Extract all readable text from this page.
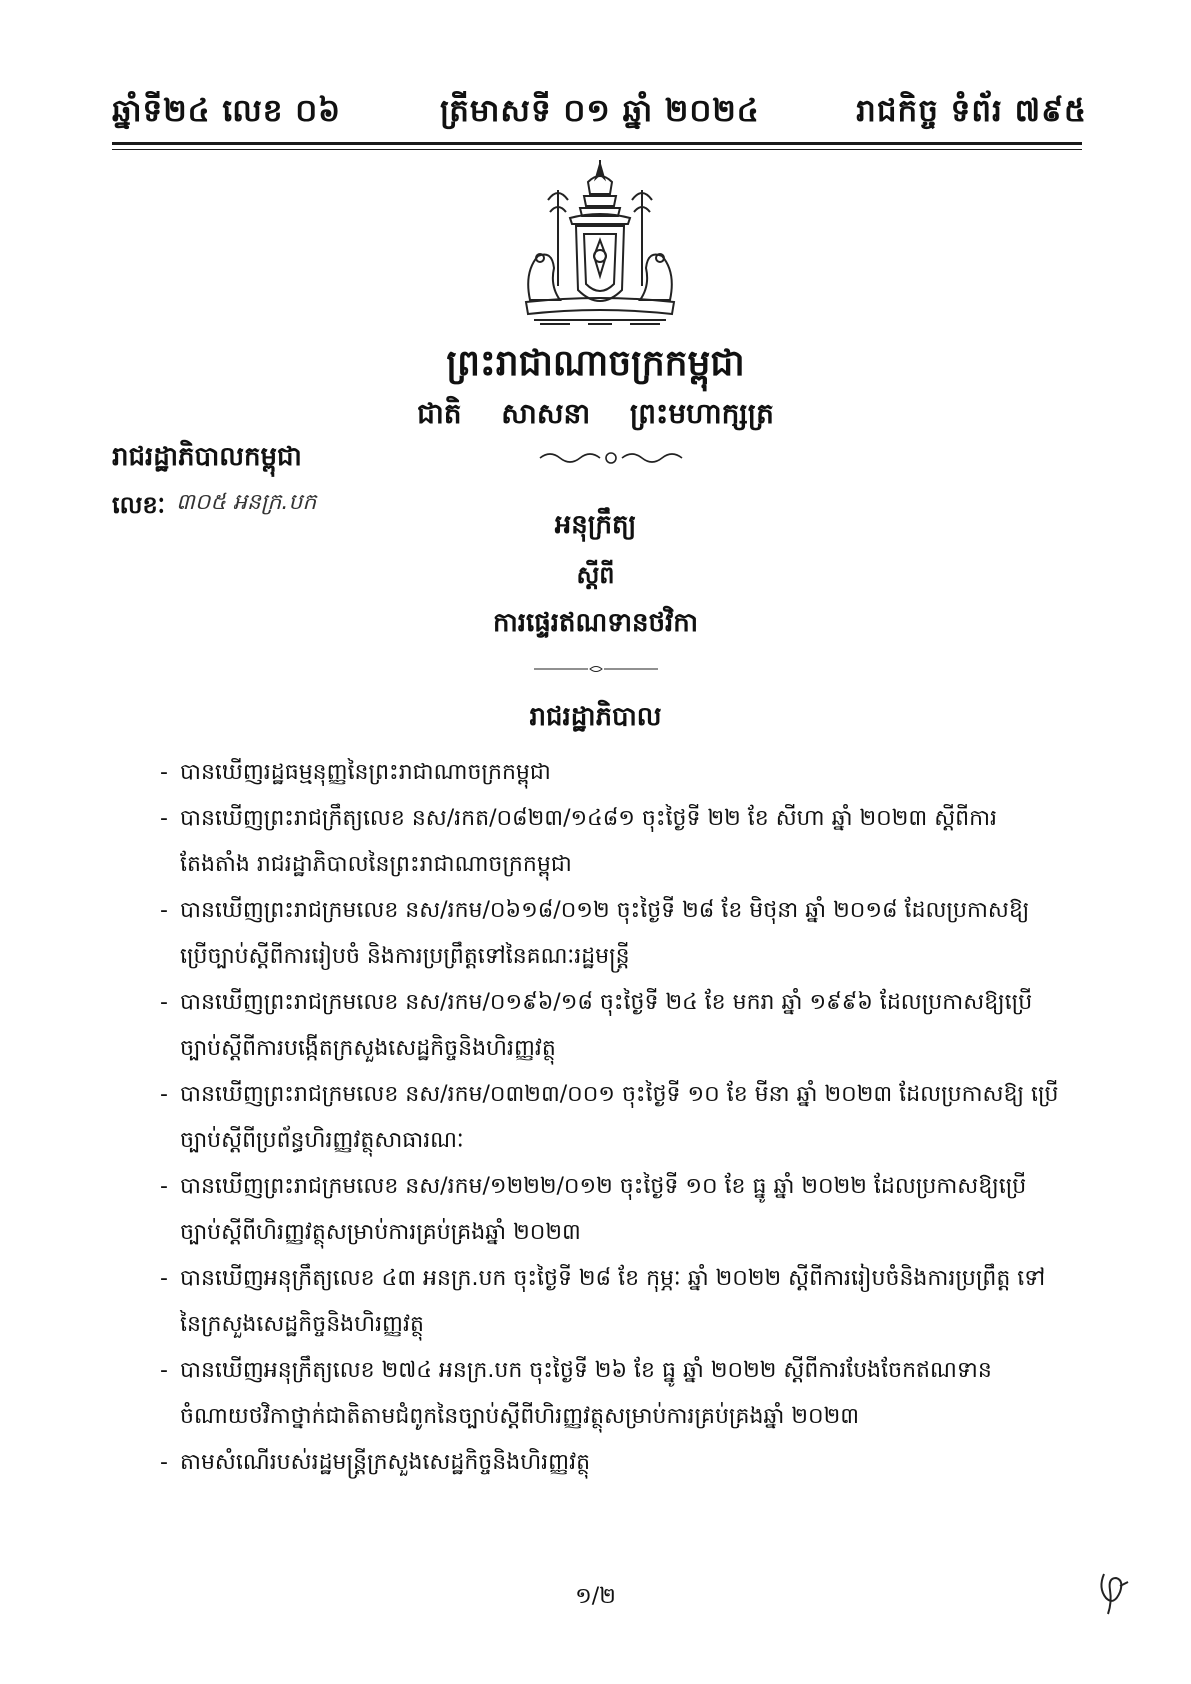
ឆ្នាំទី២៤ លេខ ០៦	ត្រីមាសទី ០១ ឆ្នាំ ២០២៤	រាជកិច្ច ទំព័រ ៧៩៥
ព្រះរាជាណាចក្រកម្ពុជា
ជាតិ សាសនា ព្រះមហាក្សត្រ
រាជរដ្ឋាភិបាលកម្ពុជា
លេខៈ ៣០៥ អនក្រ.បក
អនុក្រឹត្យ
ស្តីពី
ការផ្ទេរឥណទានថវិកា
រាជរដ្ឋាភិបាល
- បានឃើញរដ្ឋធម្មនុញ្ញនៃព្រះរាជាណាចក្រកម្ពុជា
- បានឃើញព្រះរាជក្រឹត្យលេខ នស/រកត/០៨២៣/១៤៨១ ចុះថ្ងៃទី ២២ ខែ សីហា ឆ្នាំ ២០២៣ ស្តីពីការតែងតាំង រាជរដ្ឋាភិបាលនៃព្រះរាជាណាចក្រកម្ពុជា
- បានឃើញព្រះរាជក្រមលេខ នស/រកម/០៦១៨/០១២ ចុះថ្ងៃទី ២៨ ខែ មិថុនា ឆ្នាំ ២០១៨ ដែលប្រកាសឱ្យ ប្រើច្បាប់ស្តីពីការរៀបចំ និងការប្រព្រឹត្តទៅនៃគណៈរដ្ឋមន្ត្រី
- បានឃើញព្រះរាជក្រមលេខ នស/រកម/០១៩៦/១៨ ចុះថ្ងៃទី ២៤ ខែ មករា ឆ្នាំ ១៩៩៦ ដែលប្រកាសឱ្យប្រើ ច្បាប់ស្តីពីការបង្កើតក្រសួងសេដ្ឋកិច្ចនិងហិរញ្ញវត្ថុ
- បានឃើញព្រះរាជក្រមលេខ នស/រកម/០៣២៣/០០១ ចុះថ្ងៃទី ១០ ខែ មីនា ឆ្នាំ ២០២៣ ដែលប្រកាសឱ្យ ប្រើច្បាប់ស្តីពីប្រព័ន្ធហិរញ្ញវត្ថុសាធារណៈ
- បានឃើញព្រះរាជក្រមលេខ នស/រកម/១២២២/០១២ ចុះថ្ងៃទី ១០ ខែ ធ្នូ ឆ្នាំ ២០២២ ដែលប្រកាសឱ្យប្រើ ច្បាប់ស្តីពីហិរញ្ញវត្ថុសម្រាប់ការគ្រប់គ្រងឆ្នាំ ២០២៣
- បានឃើញអនុក្រឹត្យលេខ ៤៣ អនក្រ.បក ចុះថ្ងៃទី ២៨ ខែ កុម្ភៈ ឆ្នាំ ២០២២ ស្តីពីការរៀបចំនិងការប្រព្រឹត្ត ទៅនៃក្រសួងសេដ្ឋកិច្ចនិងហិរញ្ញវត្ថុ
- បានឃើញអនុក្រឹត្យលេខ ២៧៤ អនក្រ.បក ចុះថ្ងៃទី ២៦ ខែ ធ្នូ ឆ្នាំ ២០២២ ស្តីពីការបែងចែកឥណទាន ចំណាយថវិកាថ្នាក់ជាតិតាមជំពូកនៃច្បាប់ស្តីពីហិរញ្ញវត្ថុសម្រាប់ការគ្រប់គ្រងឆ្នាំ ២០២៣
- តាមសំណើរបស់រដ្ឋមន្ត្រីក្រសួងសេដ្ឋកិច្ចនិងហិរញ្ញវត្ថុ
១/២
